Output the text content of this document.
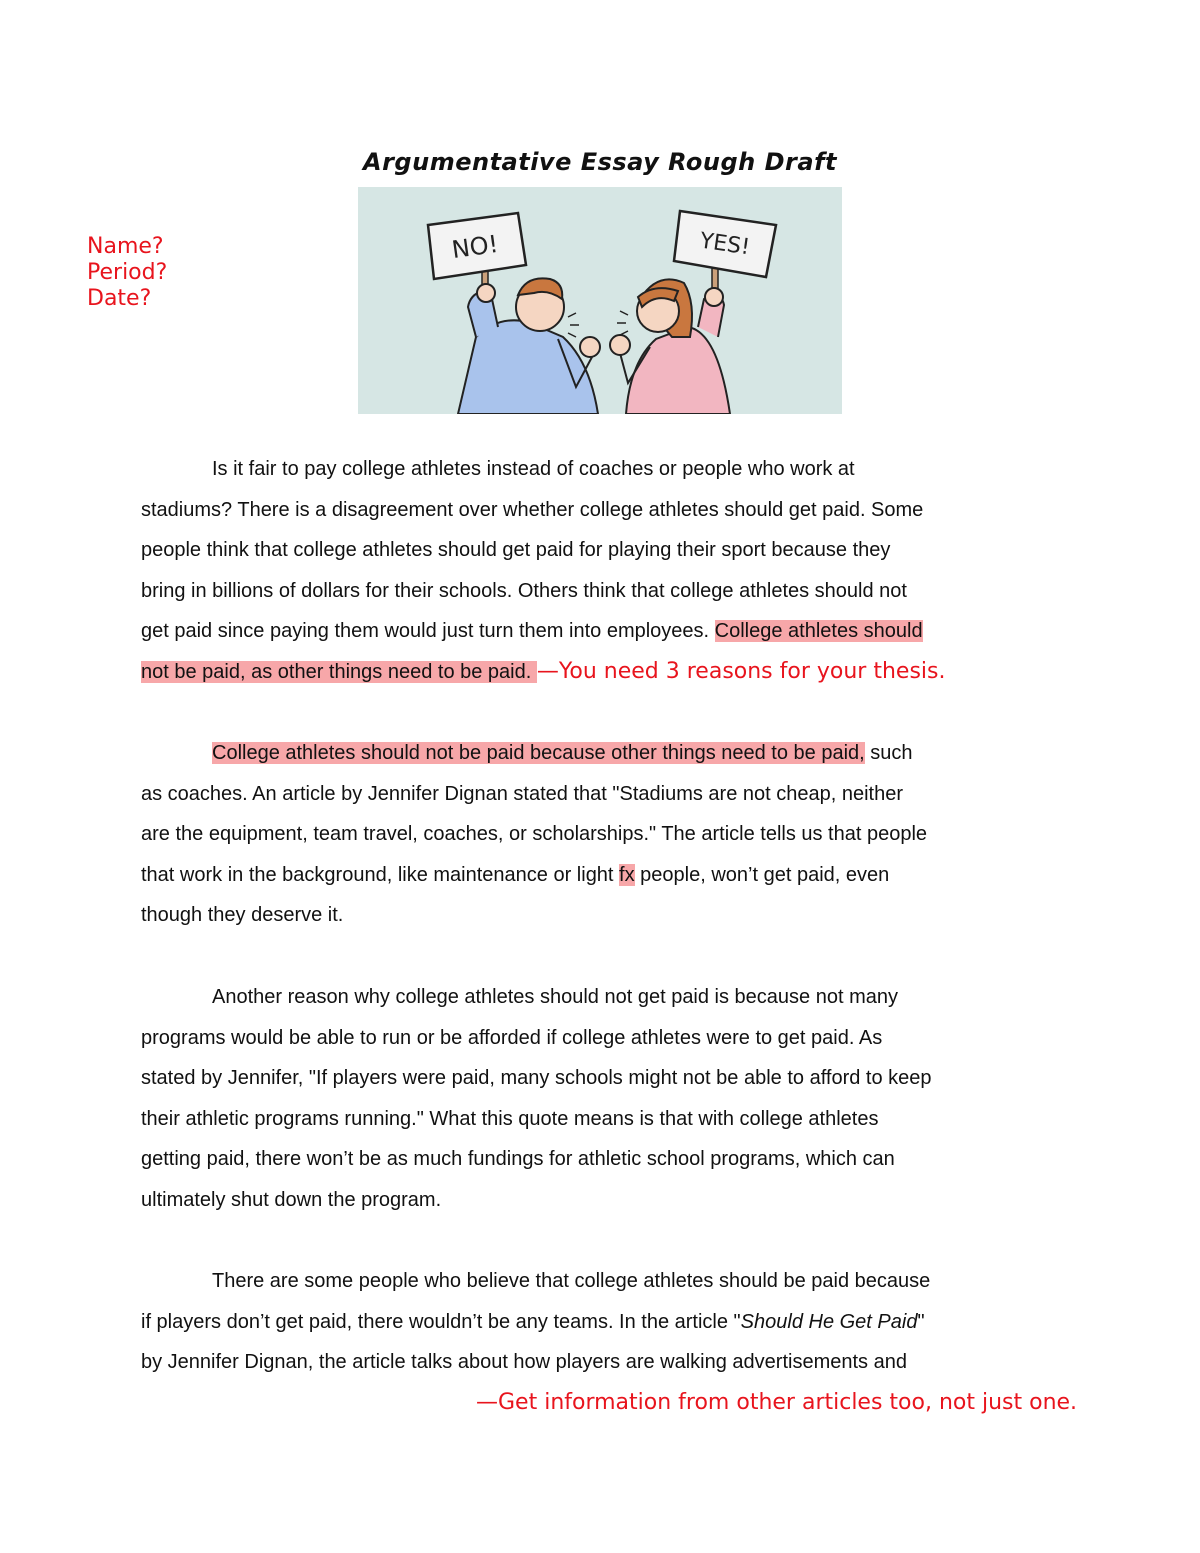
Argumentative Essay Rough Draft
Name?
Period?
Date?
NO!	YES!
Is it fair to pay college athletes instead of coaches or people who work at
stadiums? There is a disagreement over whether college athletes should get paid. Some
people think that college athletes should get paid for playing their sport because they
bring in billions of dollars for their schools. Others think that college athletes should not
get paid since paying them would just turn them into employees. College athletes should
not be paid, as other things need to be paid. —You need 3 reasons for your thesis.
College athletes should not be paid because other things need to be paid, such
as coaches. An article by Jennifer Dignan stated that "Stadiums are not cheap, neither
are the equipment, team travel, coaches, or scholarships." The article tells us that people
that work in the background, like maintenance or light fx people, won’t get paid, even
though they deserve it.
Another reason why college athletes should not get paid is because not many
programs would be able to run or be afforded if college athletes were to get paid. As
stated by Jennifer, "If players were paid, many schools might not be able to afford to keep
their athletic programs running." What this quote means is that with college athletes
getting paid, there won’t be as much fundings for athletic school programs, which can
ultimately shut down the program.
There are some people who believe that college athletes should be paid because
if players don’t get paid, there wouldn’t be any teams. In the article "Should He Get Paid"
by Jennifer Dignan, the article talks about how players are walking advertisements and
—Get information from other articles too, not just one.
